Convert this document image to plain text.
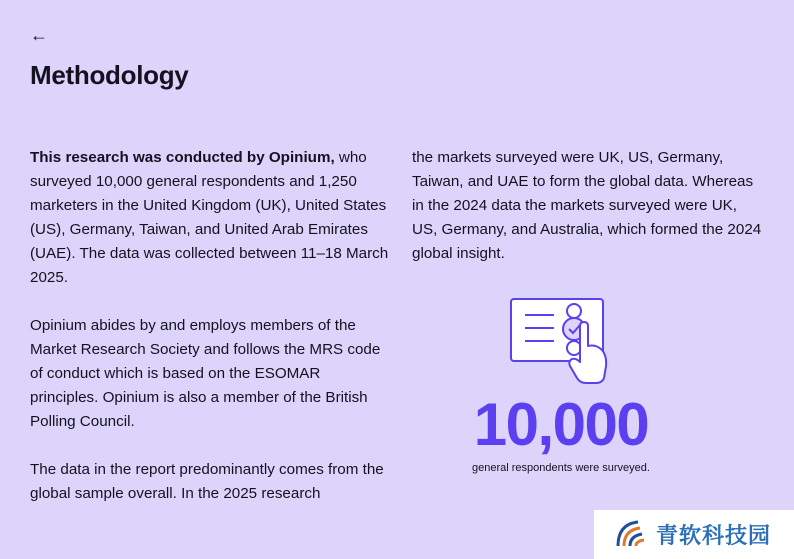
←
Methodology

This research was conducted by Opinium, who surveyed 10,000 general respondents and 1,250 marketers in the United Kingdom (UK), United States (US), Germany, Taiwan, and United Arab Emirates (UAE). The data was collected between 11–18 March 2025.

Opinium abides by and employs members of the Market Research Society and follows the MRS code of conduct which is based on the ESOMAR principles. Opinium is also a member of the British Polling Council.

The data in the report predominantly comes from the global sample overall. In the 2025 research

the markets surveyed were UK, US, Germany, Taiwan, and UAE to form the global data. Whereas in the 2024 data the markets surveyed were UK, US, Germany, and Australia, which formed the 2024 global insight.

10,000
general respondents were surveyed.
青软科技园
